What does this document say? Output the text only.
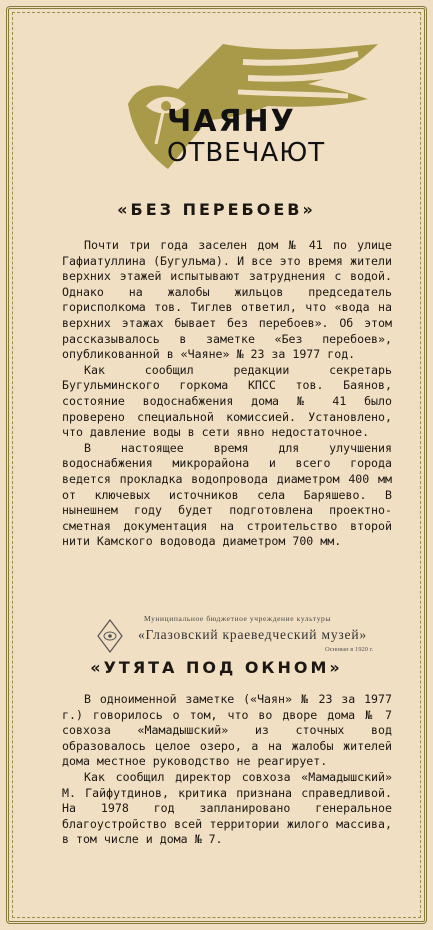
ЧАЯНУ
ОТВЕЧАЮТ
«БЕЗ ПЕРЕБОЕВ»

Почти три года заселен дом № 41 по улице Гафиатуллина (Бугульма). И все это время жители верхних этажей испытывают затруднения с водой. Однако на жалобы жильцов председатель горисполкома тов. Тиглев ответил, что «вода на верхних этажах бывает без перебоев». Об этом рассказывалось в заметке «Без перебоев», опубликованной в «Чаяне» № 23 за 1977 год.

Как сообщил редакции секретарь Бугульминского горкома КПСС тов. Баянов, состояние водоснабжения дома № 41 было проверено специальной комиссией. Установлено, что давление воды в сети явно недостаточное.

В настоящее время для улучшения водоснабжения микрорайона и всего города ведется прокладка водопровода диаметром 400 мм от ключевых источников села Баряшево. В нынешнем году будет подготовлена проектно-сметная документация на строительство второй нити Камского водовода диаметром 700 мм.

Муниципальное бюджетное учреждение культуры
«Глазовский краеведческий музей»
Основан в 1920 г.
«УТЯТА ПОД ОКНОМ»

В одноименной заметке («Чаян» № 23 за 1977 г.) говорилось о том, что во дворе дома № 7 совхоза «Мамадышский» из сточных вод образовалось целое озеро, а на жалобы жителей дома местное руководство не реагирует.

Как сообщил директор совхоза «Мамадышский» М. Гайфутдинов, критика признана справедливой. На 1978 год запланировано генеральное благоустройство всей территории жилого массива, в том числе и дома № 7.
